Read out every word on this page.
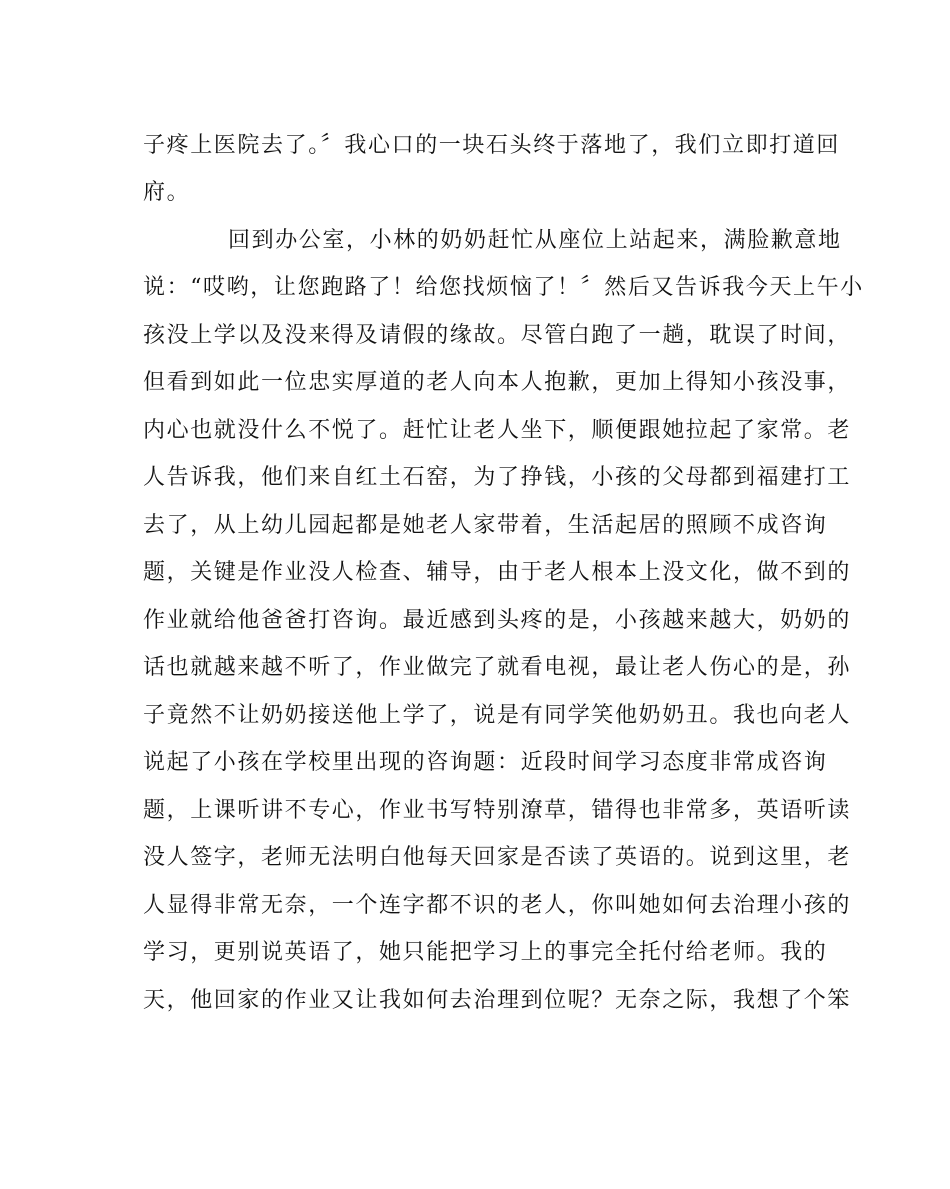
子疼上医院去了。〞我心口的一块石头终于落地了，我们立即打道回
府。
回到办公室，小林的奶奶赶忙从座位上站起来，满脸歉意地
说：“哎哟，让您跑路了！给您找烦恼了！〞然后又告诉我今天上午小
孩没上学以及没来得及请假的缘故。尽管白跑了一趟，耽误了时间，
但看到如此一位忠实厚道的老人向本人抱歉，更加上得知小孩没事，
内心也就没什么不悦了。赶忙让老人坐下，顺便跟她拉起了家常。老
人告诉我，他们来自红土石窑，为了挣钱，小孩的父母都到福建打工
去了，从上幼儿园起都是她老人家带着，生活起居的照顾不成咨询
题，关键是作业没人检查、辅导，由于老人根本上没文化，做不到的
作业就给他爸爸打咨询。最近感到头疼的是，小孩越来越大，奶奶的
话也就越来越不听了，作业做完了就看电视，最让老人伤心的是，孙
子竟然不让奶奶接送他上学了，说是有同学笑他奶奶丑。我也向老人
说起了小孩在学校里出现的咨询题：近段时间学习态度非常成咨询
题，上课听讲不专心，作业书写特别潦草，错得也非常多，英语听读
没人签字，老师无法明白他每天回家是否读了英语的。说到这里，老
人显得非常无奈，一个连字都不识的老人，你叫她如何去治理小孩的
学习，更别说英语了，她只能把学习上的事完全托付给老师。我的
天，他回家的作业又让我如何去治理到位呢？无奈之际，我想了个笨
